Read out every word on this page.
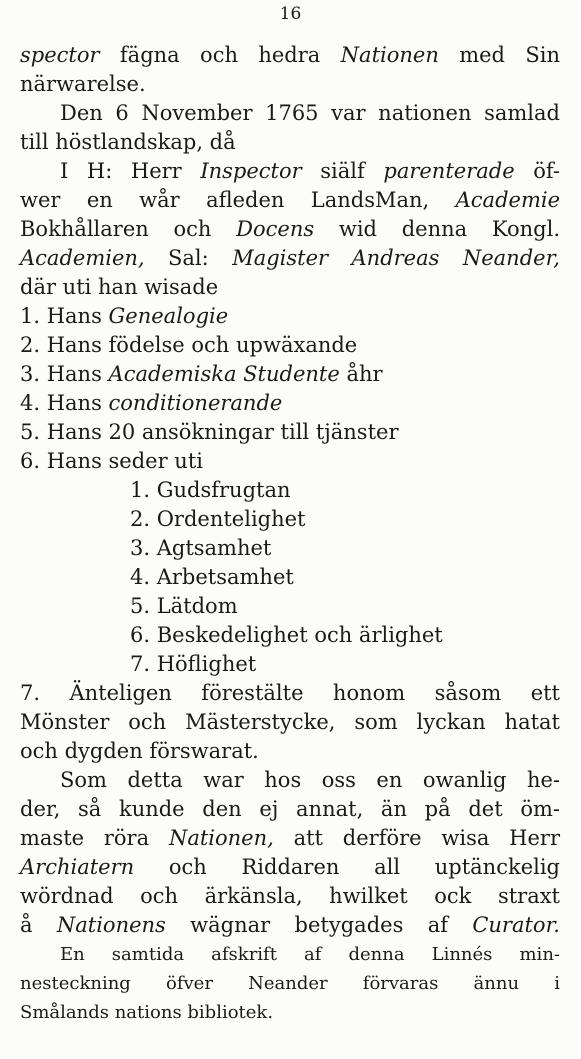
16
spector fägna och hedra Nationen med Sin
närwarelse.
Den 6 November 1765 var nationen samlad
till höstlandskap, då
I H: Herr Inspector siälf parenterade öf-
wer en wår afleden LandsMan, Academie
Bokhållaren och Docens wid denna Kongl.
Academien, Sal: Magister Andreas Neander,
där uti han wisade
1. Hans Genealogie
2. Hans födelse och upwäxande
3. Hans Academiska Studente åhr
4. Hans conditionerande
5. Hans 20 ansökningar till tjänster
6. Hans seder uti
1. Gudsfrugtan
2. Ordentelighet
3. Agtsamhet
4. Arbetsamhet
5. Lätdom
6. Beskedelighet och ärlighet
7. Höflighet
7. Änteligen förestälte honom såsom ett
Mönster och Mästerstycke, som lyckan hatat
och dygden förswarat.
Som detta war hos oss en owanlig he-
der, så kunde den ej annat, än på det öm-
maste röra Nationen, att derföre wisa Herr
Archiatern och Riddaren all uptänckelig
wördnad och ärkänsla, hwilket ock straxt
å Nationens wägnar betygades af Curator.
En samtida afskrift af denna Linnés min-
nesteckning öfver Neander förvaras ännu i
Smålands nations bibliotek.
